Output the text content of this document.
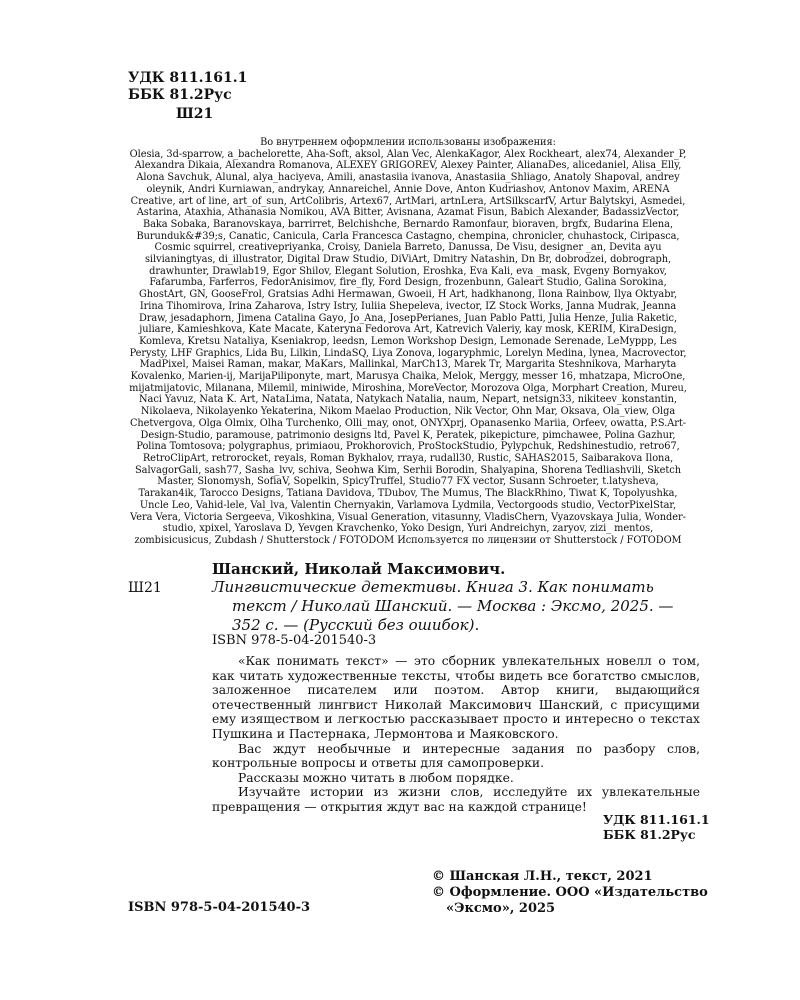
УДК 811.161.1
ББК 81.2Рус
Ш21

Во внутреннем оформлении использованы изображения:

Olesia, 3d-sparrow, a_bachelorette, Aha-Soft, aksol, Alan Vec, AlenkaKagor, Alex Rockheart, alex74, Alexander_P, Alexandra Dikaia, Alexandra Romanova, ALEXEY GRIGOREV, Alexey Painter, AlianaDes, alicedaniel, Alisa_Elly, Alona Savchuk, Alunal, alya_haciyeva, Amili, anastasiia ivanova, Anastasiia_Shliago, Anatoly Shapoval, andrey oleynik, Andri Kurniawan, andrykay, Annareichel, Annie Dove, Anton Kudriashov, Antonov Maxim, ARENA Creative, art of line, art_of_sun, ArtColibris, Artex67, ArtMari, artnLera, ArtSilkscarfV, Artur Balytskyi, Asmedei, Astarina, Ataxhia, Athanasia Nomikou, AVA Bitter, Avisnana, Azamat Fisun, Babich Alexander, BadassizVector, Baka Sobaka, Baranovskaya, barrirret, Belchishche, Bernardo Ramonfaur, bioraven, brgfx, Budarina Elena, Burunduk&#39;s, Canatic, Canicula, Carla Francesca Castagno, chempina, chronicler, chuhastock, Ciripasca, Cosmic squirrel, creativepriyanka, Croisy, Daniela Barreto, Danussa, De Visu, designer _an, Devita ayu silvianingtyas, di_illustrator, Digital Draw Studio, DiViArt, Dmitry Natashin, Dn Br, dobrodzei, dobrograph, drawhunter, Drawlab19, Egor Shilov, Elegant Solution, Eroshka, Eva Kali, eva _mask, Evgeny Bornyakov, Fafarumba, Farferros, FedorAnisimov, fire_fly, Ford Design, frozenbunn, Galeart Studio, Galina Sorokina, GhostArt, GN, GooseFrol, Gratsias Adhi Hermawan, Gwoeii, H Art, hadkhanong, Ilona Rainbow, Ilya Oktyabr, Irina Tihomirova, Irina Zaharova, Istry Istry, Iuliia Shepeleva, ivector, IZ Stock Works, Janna Mudrak, Jeanna Draw, jesadaphorn, Jimena Catalina Gayo, Jo_Ana, JosepPerianes, Juan Pablo Patti, Julia Henze, Julia Raketic, juliare, Kamieshkova, Kate Macate, Kateryna Fedorova Art, Katrevich Valeriy, kay mosk, KERIM, KiraDesign, Komleva, Kretsu Nataliya, Kseniakrop, leedsn, Lemon Workshop Design, Lemonade Serenade, LeMyppp, Les Perysty, LHF Graphics, Lida Bu, Lilkin, LindaSQ, Liya Zonova, logaryphmic, Lorelyn Medina, lynea, Macrovector, MadPixel, Maisei Raman, makar, MaKars, Mallinkal, MarCh13, Marek Tr, Margarita Steshnikova, Marharyta Kovalenko, Marien-ij, MarijaPiliponyte, mart, Marusya Chaika, Melok, Merggy, messer 16, mhatzapa, MicroOne, mijatmijatovic, Milanana, Milemil, miniwide, Miroshina, MoreVector, Morozova Olga, Morphart Creation, Mureu, Naci Yavuz, Nata K. Art, NataLima, Natata, Natykach Natalia, naum, Nepart, netsign33, nikiteev_konstantin, Nikolaeva, Nikolayenko Yekaterina, Nikom Maelao Production, Nik Vector, Ohn Mar, Oksava, Ola_view, Olga Chetvergova, Olga Olmix, Olha Turchenko, Olli_may, onot, ONYXprj, Opanasenko Mariia, Orfeev, owatta, P.S.Art-Design-Studio, paramouse, patrimonio designs ltd, Pavel K, Peratek, pikepicture, pimchawee, Polina Gazhur, Polina Tomtosova; polygraphus, primiaou, Prokhorovich, ProStockStudio, Pylypchuk, Redshinestudio, retro67, RetroClipArt, retrorocket, reyals, Roman Bykhalov, rraya, rudall30, Rustic, SAHAS2015, Saibarakova Ilona, SalvagorGali, sash77, Sasha_lvv, schiva, Seohwa Kim, Serhii Borodin, Shalyapina, Shorena Tedliashvili, Sketch Master, Slonomysh, SofiaV, Sopelkin, SpicyTruffel, Studio77 FX vector, Susann Schroeter, t.latysheva, Tarakan4ik, Tarocco Designs, Tatiana Davidova, TDubov, The Mumus, The BlackRhino, Tiwat K, Topolyushka, Uncle Leo, Vahid-lele, Val_lva, Valentin Chernyakin, Varlamova Lydmila, Vectorgoods studio, VectorPixelStar, Vera Vera, Victoria Sergeeva, Vikoshkina, Visual Generation, vitasunny, VladisChern, Vyazovskaya Julia, Wonder-studio, xpixel, Yaroslava D, Yevgen Kravchenko, Yoko Design, Yuri Andreichyn, zaryov, zizi_ mentos, zombisicusicus, Zubdash / Shutterstock / FOTODOM Используется по лицензии от Shutterstock / FOTODOM

Шанский, Николай Максимович.
Ш21	Лингвистические детективы. Книга 3. Как понимать текст / Николай Шанский. — Москва : Эксмо, 2025. — 352 с. — (Русский без ошибок).
ISBN 978-5-04-201540-3

«Как понимать текст» — это сборник увлекательных новелл о том, как читать художественные тексты, чтобы видеть все богатство смыслов, заложенное писателем или поэтом. Автор книги, выдающийся отечественный лингвист Николай Максимович Шанский, с присущими ему изяществом и легкостью рассказывает просто и интересно о текстах Пушкина и Пастернака, Лермонтова и Маяковского.

Вас ждут необычные и интересные задания по разбору слов, контрольные вопросы и ответы для самопроверки.

Рассказы можно читать в любом порядке.

Изучайте истории из жизни слов, исследуйте их увлекательные превращения — открытия ждут вас на каждой странице!

УДК 811.161.1
ББК 81.2Рус
© Шанская Л.Н., текст, 2021
© Оформление. ООО «Издательство
«Эксмо», 2025
ISBN 978-5-04-201540-3
